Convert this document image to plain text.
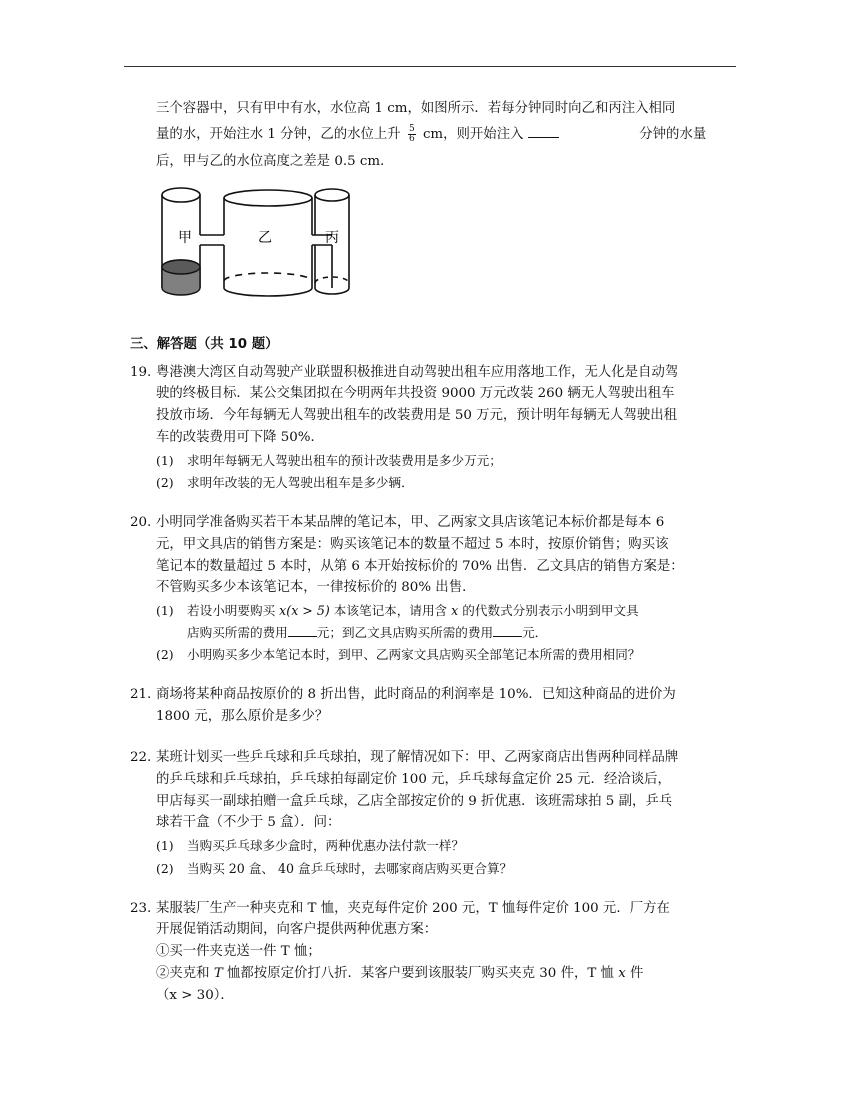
三个容器中，只有甲中有水，水位高 1 cm，如图所示．若每分钟同时向乙和丙注入相同
量的水，开始注水 1 分钟，乙的水位上升 $\frac{5}{6}$ cm，则开始注入	分钟的水量
后，甲与乙的水位高度之差是 0.5 cm．
甲	乙	丙
三、解答题（共 10 题）
19. 粤港澳大湾区自动驾驶产业联盟积极推进自动驾驶出租车应用落地工作，无人化是自动驾
驶的终极目标．某公交集团拟在今明两年共投资 9000 万元改装 260 辆无人驾驶出租车
投放市场．今年每辆无人驾驶出租车的改装费用是 50 万元，预计明年每辆无人驾驶出租
车的改装费用可下降 50%．
(1) 求明年每辆无人驾驶出租车的预计改装费用是多少万元；
(2) 求明年改装的无人驾驶出租车是多少辆．
20. 小明同学准备购买若干本某品牌的笔记本，甲、乙两家文具店该笔记本标价都是每本 6
元，甲文具店的销售方案是：购买该笔记本的数量不超过 5 本时，按原价销售；购买该
笔记本的数量超过 5 本时，从第 6 本开始按标价的 70% 出售．乙文具店的销售方案是：
不管购买多少本该笔记本，一律按标价的 80% 出售．
(1) 若设小明要购买 x(x > 5) 本该笔记本，请用含 x 的代数式分别表示小明到甲文具
店购买所需的费用 元；到乙文具店购买所需的费用 元．
(2) 小明购买多少本笔记本时，到甲、乙两家文具店购买全部笔记本所需的费用相同？
21. 商场将某种商品按原价的 8 折出售，此时商品的利润率是 10%．已知这种商品的进价为
1800 元，那么原价是多少？
22. 某班计划买一些乒乓球和乒乓球拍，现了解情况如下：甲、乙两家商店出售两种同样品牌
的乒乓球和乒乓球拍，乒乓球拍每副定价 100 元，乒乓球每盒定价 25 元．经洽谈后，
甲店每买一副球拍赠一盒乒乓球，乙店全部按定价的 9 折优惠．该班需球拍 5 副，乒乓
球若干盒（不少于 5 盒）．问：
(1) 当购买乒乓球多少盒时，两种优惠办法付款一样？
(2) 当购买 20 盒、 40 盒乒乓球时，去哪家商店购买更合算？
23. 某服装厂生产一种夹克和 T 恤，夹克每件定价 200 元，T 恤每件定价 100 元．厂方在
开展促销活动期间，向客户提供两种优惠方案：
①买一件夹克送一件 T 恤；
②夹克和 T 恤都按原定价打八折．某客户要到该服装厂购买夹克 30 件，T 恤 x 件
（x > 30）．
